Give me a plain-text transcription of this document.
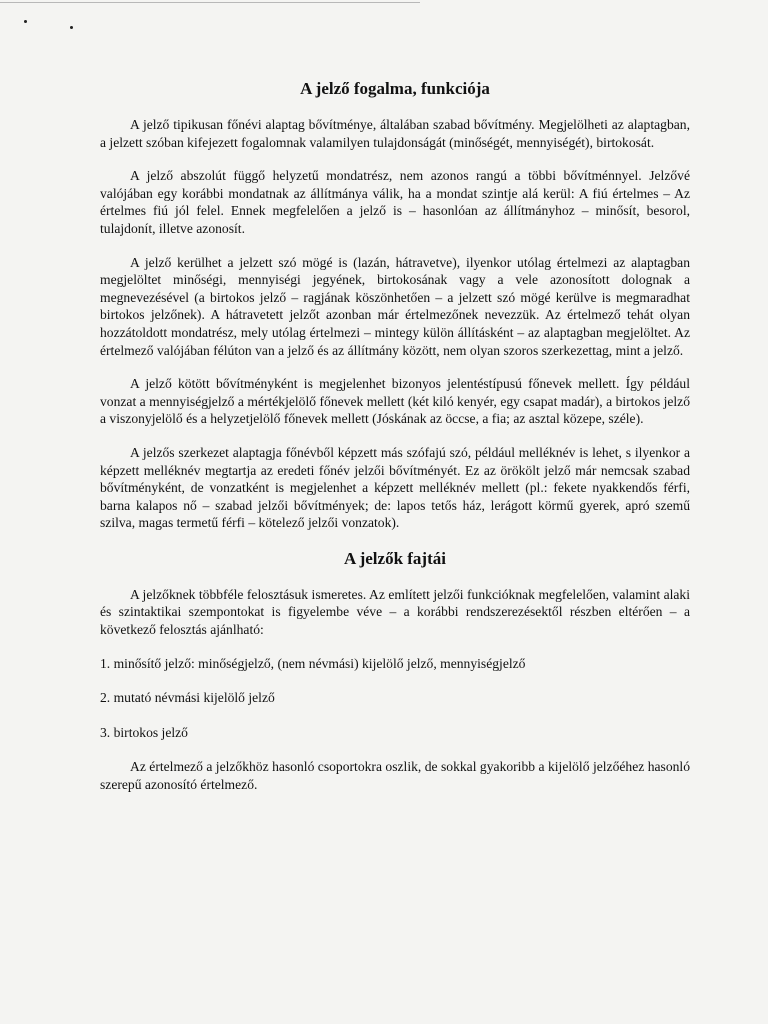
A jelző fogalma, funkciója

A jelző tipikusan főnévi alaptag bővítménye, általában szabad bővítmény. Megjelölheti az alaptagban, a jelzett szóban kifejezett fogalomnak valamilyen tulajdonságát (minőségét, mennyiségét), birtokosát.

A jelző abszolút függő helyzetű mondatrész, nem azonos rangú a többi bővítménnyel. Jelzővé valójában egy korábbi mondatnak az állítmánya válik, ha a mondat szintje alá kerül: A fiú értelmes – Az értelmes fiú jól felel. Ennek megfelelően a jelző is – hasonlóan az állítmányhoz – minősít, besorol, tulajdonít, illetve azonosít.

A jelző kerülhet a jelzett szó mögé is (lazán, hátravetve), ilyenkor utólag értelmezi az alaptagban megjelöltet minőségi, mennyiségi jegyének, birtokosának vagy a vele azonosított dolognak a megnevezésével (a birtokos jelző – ragjának köszönhetően – a jelzett szó mögé kerülve is megmaradhat birtokos jelzőnek). A hátravetett jelzőt azonban már értelmezőnek nevezzük. Az értelmező tehát olyan hozzátoldott mondatrész, mely utólag értelmezi – mintegy külön állításként – az alaptagban megjelöltet. Az értelmező valójában félúton van a jelző és az állítmány között, nem olyan szoros szerkezettag, mint a jelző.

A jelző kötött bővítményként is megjelenhet bizonyos jelentéstípusú főnevek mellett. Így például vonzat a mennyiségjelző a mértékjelölő főnevek mellett (két kiló kenyér, egy csapat madár), a birtokos jelző a viszonyjelölő és a helyzetjelölő főnevek mellett (Jóskának az öccse, a fia; az asztal közepe, széle).

A jelzős szerkezet alaptagja főnévből képzett más szófajú szó, például melléknév is lehet, s ilyenkor a képzett melléknév megtartja az eredeti főnév jelzői bővítményét. Ez az örökölt jelző már nemcsak szabad bővítményként, de vonzatként is megjelenhet a képzett melléknév mellett (pl.: fekete nyakkendős férfi, barna kalapos nő – szabad jelzői bővítmények; de: lapos tetős ház, lerágott körmű gyerek, apró szemű szilva, magas termetű férfi – kötelező jelzői vonzatok).

A jelzők fajtái

A jelzőknek többféle felosztásuk ismeretes. Az említett jelzői funkcióknak megfelelően, valamint alaki és szintaktikai szempontokat is figyelembe véve – a korábbi rendszerezésektől részben eltérően – a következő felosztás ajánlható:

1. minősítő jelző: minőségjelző, (nem névmási) kijelölő jelző, mennyiségjelző
2. mutató névmási kijelölő jelző
3. birtokos jelző

Az értelmező a jelzőkhöz hasonló csoportokra oszlik, de sokkal gyakoribb a kijelölő jelzőéhez hasonló szerepű azonosító értelmező.
